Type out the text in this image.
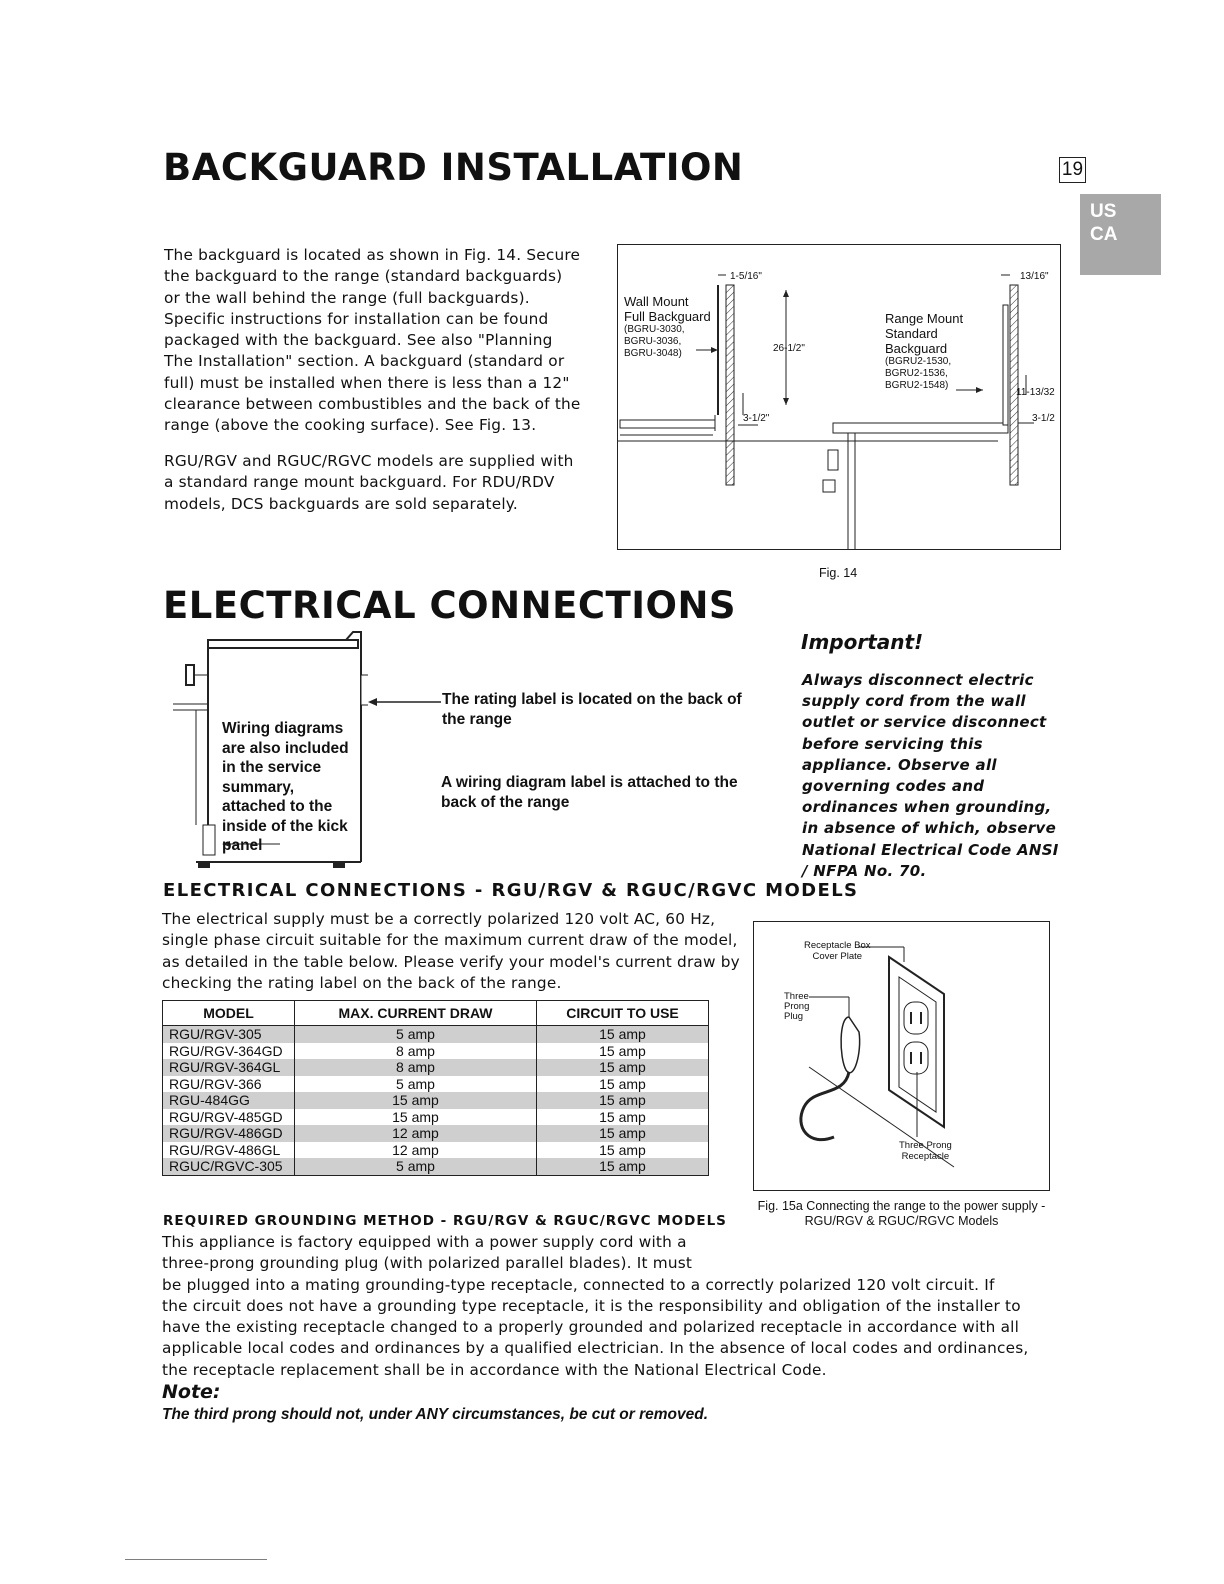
BACKGUARD INSTALLATION	19
US
CA
The backguard is located as shown in Fig. 14. Secure the backguard to the range (standard backguards) or the wall behind the range (full backguards). Specific instructions for installation can be found packaged with the backguard. See also "Planning The Installation" section. A backguard (standard or full) must be installed when there is less than a 12" clearance between combustibles and the back of the range (above the cooking surface). See Fig. 13.
RGU/RGV and RGUC/RGVC models are supplied with a standard range mount backguard. For RDU/RDV models, DCS backguards are sold separately.
Wall Mount
Full Backguard
(BGRU-3030,
BGRU-3036,
BGRU-3048)
Range Mount
Standard
Backguard
(BGRU2-1530,
BGRU2-1536,
BGRU2-1548)
1-5/16"
26-1/2"
3-1/2"
13/16"
11-13/32
3-1/2
Fig. 14
ELECTRICAL CONNECTIONS
Wiring diagrams are also included in the service summary, attached to the inside of the kick panel
The rating label is located on the back of the range
A wiring diagram label is attached to the back of the range
Important!
Always disconnect electric supply cord from the wall outlet or service disconnect before servicing this appliance. Observe all governing codes and ordinances when grounding, in absence of which, observe National Electrical Code ANSI / NFPA No. 70.
ELECTRICAL CONNECTIONS - RGU/RGV & RGUC/RGVC MODELS
The electrical supply must be a correctly polarized 120 volt AC, 60 Hz, single phase circuit suitable for the maximum current draw of the model, as detailed in the table below. Please verify your model's current draw by checking the rating label on the back of the range.
MODEL	MAX. CURRENT DRAW	CIRCUIT TO USE
RGU/RGV-305	5 amp	15 amp
RGU/RGV-364GD	8 amp	15 amp
RGU/RGV-364GL	8 amp	15 amp
RGU/RGV-366	5 amp	15 amp
RGU-484GG	15 amp	15 amp
RGU/RGV-485GD	15 amp	15 amp
RGU/RGV-486GD	12 amp	15 amp
RGU/RGV-486GL	12 amp	15 amp
RGUC/RGVC-305	5 amp	15 amp
Receptacle Box
Cover Plate
Three
Prong
Plug
Three Prong
Receptacle
Fig. 15a Connecting the range to the power supply -
RGU/RGV & RGUC/RGVC Models
REQUIRED GROUNDING METHOD - RGU/RGV & RGUC/RGVC MODELS
This appliance is factory equipped with a power supply cord with a
three-prong grounding plug (with polarized parallel blades). It must
be plugged into a mating grounding-type receptacle, connected to a correctly polarized 120 volt circuit. If
the circuit does not have a grounding type receptacle, it is the responsibility and obligation of the installer to
have the existing receptacle changed to a properly grounded and polarized receptacle in accordance with all
applicable local codes and ordinances by a qualified electrician. In the absence of local codes and ordinances,
the receptacle replacement shall be in accordance with the National Electrical Code.
Note:
The third prong should not, under ANY circumstances, be cut or removed.
